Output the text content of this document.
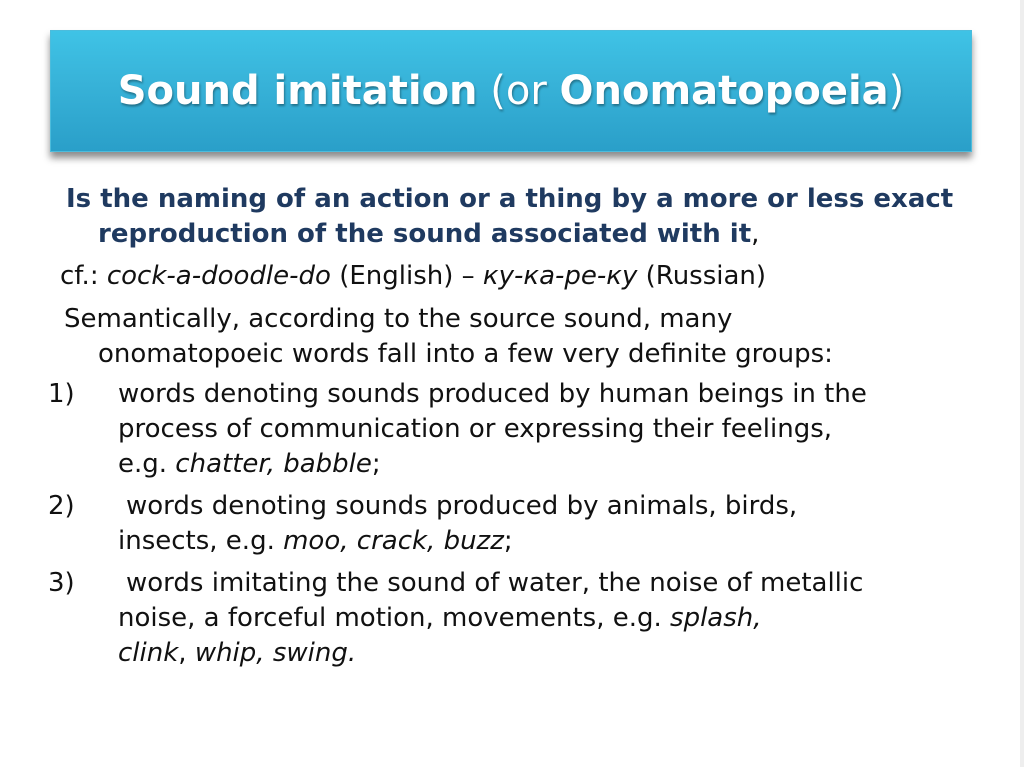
Sound imitation (or Onomatopoeia)
Is the naming of an action or a thing by a more or less exact
reproduction of the sound associated with it,
cf.: cock-a-doodle-do (English) – ку-ка-ре-ку (Russian)
Semantically, according to the source sound, many
onomatopoeic words fall into a few very definite groups:
1) words denoting sounds produced by human beings in the
process of communication or expressing their feelings,
e.g. chatter, babble;
2) words denoting sounds produced by animals, birds,
insects, e.g. moo, crack, buzz;
3) words imitating the sound of water, the noise of metallic
noise, a forceful motion, movements, e.g. splash,
clink, whip, swing.
